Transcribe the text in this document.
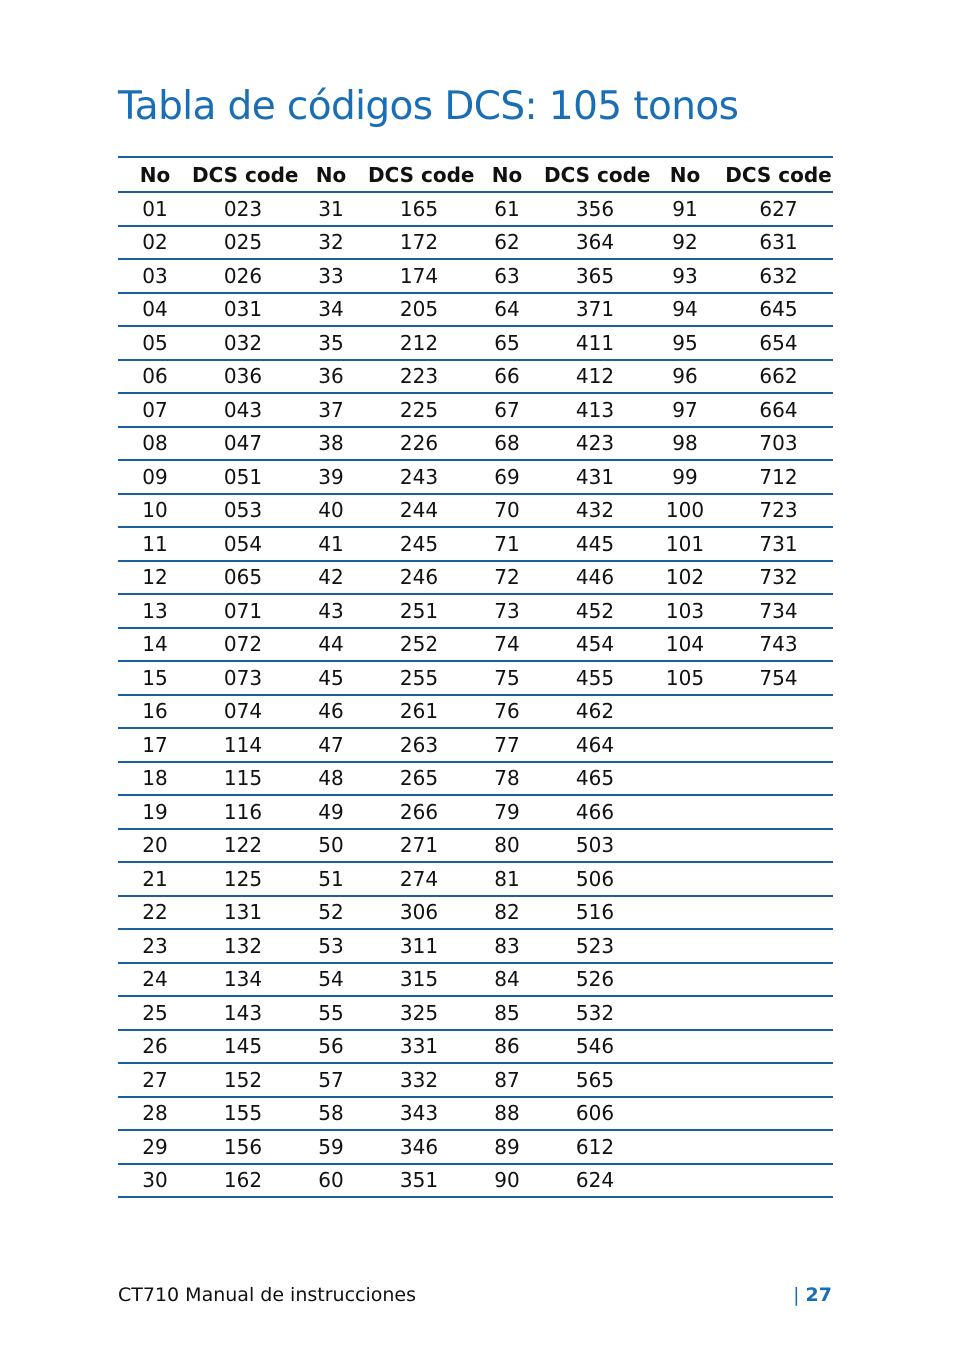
Tabla de códigos DCS: 105 tonos
No	DCS code	No	DCS code	No	DCS code	No	DCS code
01	023	31	165	61	356	91	627
02	025	32	172	62	364	92	631
03	026	33	174	63	365	93	632
04	031	34	205	64	371	94	645
05	032	35	212	65	411	95	654
06	036	36	223	66	412	96	662
07	043	37	225	67	413	97	664
08	047	38	226	68	423	98	703
09	051	39	243	69	431	99	712
10	053	40	244	70	432	100	723
11	054	41	245	71	445	101	731
12	065	42	246	72	446	102	732
13	071	43	251	73	452	103	734
14	072	44	252	74	454	104	743
15	073	45	255	75	455	105	754
16	074	46	261	76	462		
17	114	47	263	77	464		
18	115	48	265	78	465		
19	116	49	266	79	466		
20	122	50	271	80	503		
21	125	51	274	81	506		
22	131	52	306	82	516		
23	132	53	311	83	523		
24	134	54	315	84	526		
25	143	55	325	85	532		
26	145	56	331	86	546		
27	152	57	332	87	565		
28	155	58	343	88	606		
29	156	59	346	89	612		
30	162	60	351	90	624		
CT710 Manual de instrucciones	| 27
